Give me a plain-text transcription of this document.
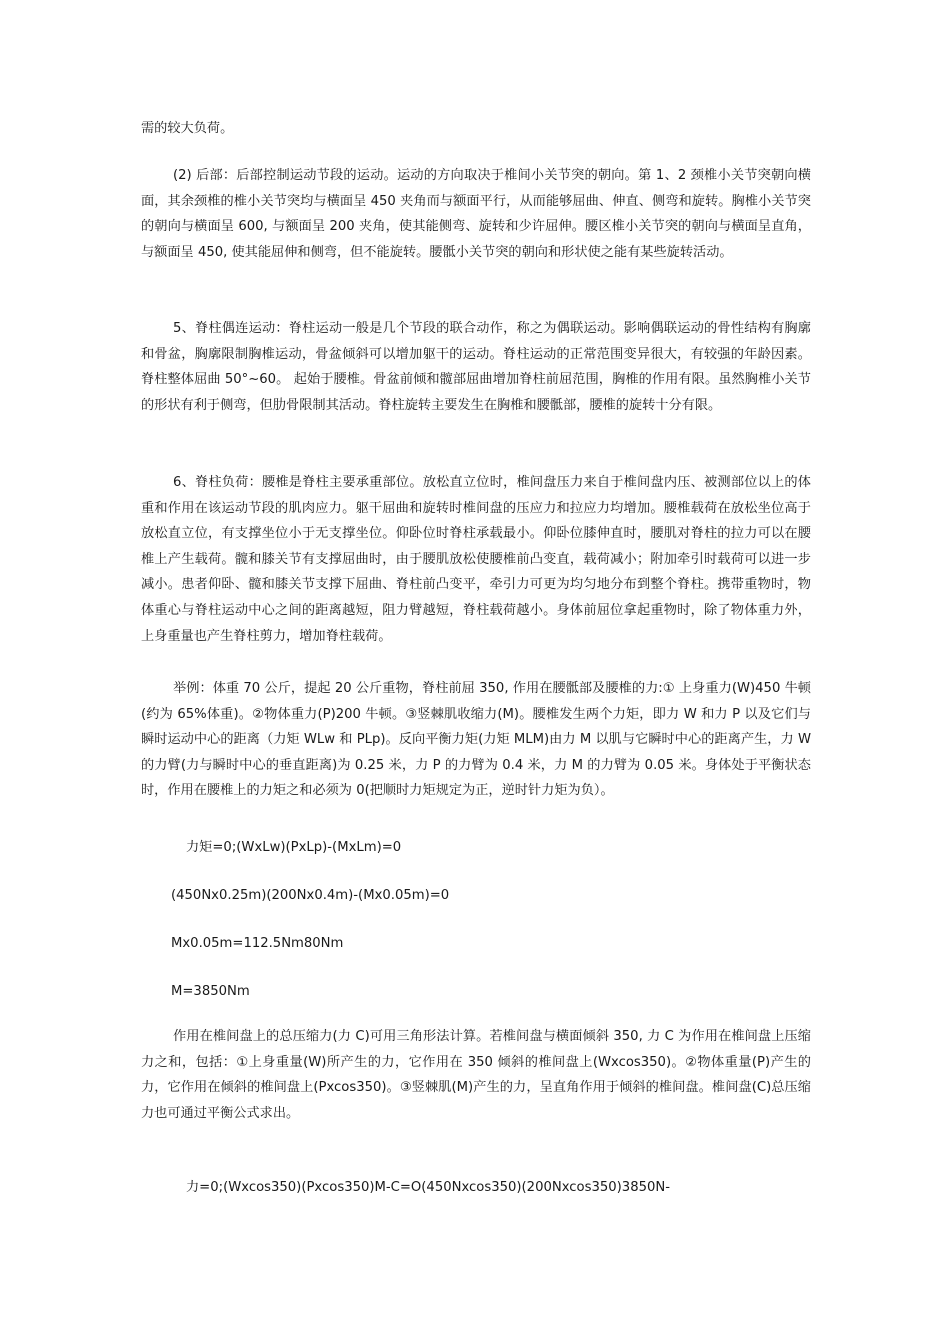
需的较大负荷。

(2) 后部：后部控制运动节段的运动。运动的方向取决于椎间小关节突的朝向。第 1、2 颈椎小关节突朝向横面，其余颈椎的椎小关节突均与横面呈 450 夹角而与额面平行，从而能够屈曲、伸直、侧弯和旋转。胸椎小关节突的朝向与横面呈 600, 与额面呈 200 夹角，使其能侧弯、旋转和少许屈伸。腰区椎小关节突的朝向与横面呈直角，与额面呈 450, 使其能屈伸和侧弯，但不能旋转。腰骶小关节突的朝向和形状使之能有某些旋转活动。

5、脊柱偶连运动：脊柱运动一般是几个节段的联合动作，称之为偶联运动。影响偶联运动的骨性结构有胸廓和骨盆，胸廓限制胸椎运动，骨盆倾斜可以增加躯干的运动。脊柱运动的正常范围变异很大，有较强的年龄因素。脊柱整体屈曲 50°~60。 起始于腰椎。骨盆前倾和髋部屈曲增加脊柱前屈范围，胸椎的作用有限。虽然胸椎小关节的形状有利于侧弯，但肋骨限制其活动。脊柱旋转主要发生在胸椎和腰骶部，腰椎的旋转十分有限。

6、脊柱负荷：腰椎是脊柱主要承重部位。放松直立位时，椎间盘压力来自于椎间盘内压、被测部位以上的体重和作用在该运动节段的肌肉应力。躯干屈曲和旋转时椎间盘的压应力和拉应力均增加。腰椎载荷在放松坐位高于放松直立位，有支撑坐位小于无支撑坐位。仰卧位时脊柱承载最小。仰卧位膝伸直时，腰肌对脊柱的拉力可以在腰椎上产生载荷。髋和膝关节有支撑屈曲时，由于腰肌放松使腰椎前凸变直，载荷减小；附加牵引时载荷可以进一步减小。患者仰卧、髋和膝关节支撑下屈曲、脊柱前凸变平，牵引力可更为均匀地分布到整个脊柱。携带重物时，物体重心与脊柱运动中心之间的距离越短，阻力臂越短，脊柱载荷越小。身体前屈位拿起重物时，除了物体重力外，上身重量也产生脊柱剪力，增加脊柱载荷。

举例：体重 70 公斤，提起 20 公斤重物，脊柱前屈 350, 作用在腰骶部及腰椎的力:① 上身重力(W)450 牛顿(约为 65%体重)。②物体重力(P)200 牛顿。③竖棘肌收缩力(M)。腰椎发生两个力矩，即力 W 和力 P 以及它们与瞬时运动中心的距离（力矩 WLw 和 PLp)。反向平衡力矩(力矩 MLM)由力 M 以肌与它瞬时中心的距离产生，力 W 的力臂(力与瞬时中心的垂直距离)为 0.25 米，力 P 的力臂为 0.4 米，力 M 的力臂为 0.05 米。身体处于平衡状态时，作用在腰椎上的力矩之和必须为 0(把顺时力矩规定为正，逆时针力矩为负）。

力矩=0;(WxLw)(PxLp)-(MxLm)=0

(450Nx0.25m)(200Nx0.4m)-(Mx0.05m)=0

Mx0.05m=112.5Nm80Nm

M=3850Nm

作用在椎间盘上的总压缩力(力 C)可用三角形法计算。若椎间盘与横面倾斜 350, 力 C 为作用在椎间盘上压缩力之和，包括：①上身重量(W)所产生的力，它作用在 350 倾斜的椎间盘上(Wxcos350)。②物体重量(P)产生的力，它作用在倾斜的椎间盘上(Pxcos350)。③竖棘肌(M)产生的力，呈直角作用于倾斜的椎间盘。椎间盘(C)总压缩力也可通过平衡公式求出。

力=0;(Wxcos350)(Pxcos350)M-C=O(450Nxcos350)(200Nxcos350)3850N-
